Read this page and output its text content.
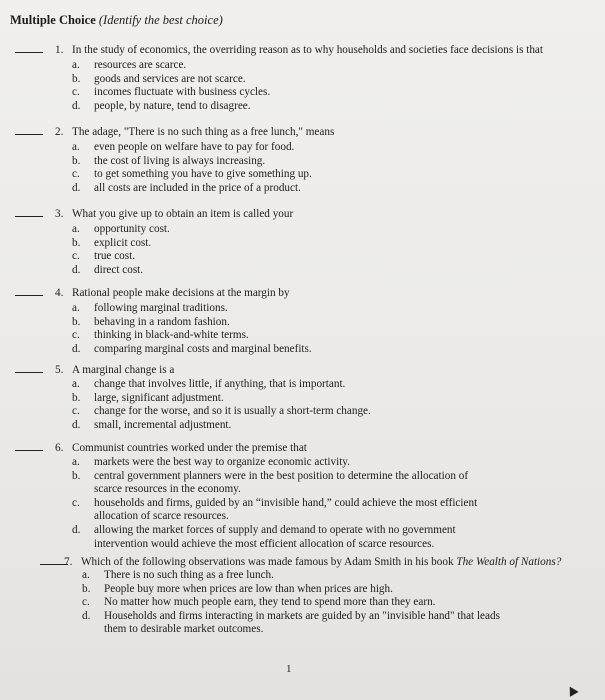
Multiple Choice (Identify the best choice)
1. In the study of economics, the overriding reason as to why households and societies face decisions is that
a. resources are scarce.
b. goods and services are not scarce.
c. incomes fluctuate with business cycles.
d. people, by nature, tend to disagree.
2. The adage, "There is no such thing as a free lunch," means
a. even people on welfare have to pay for food.
b. the cost of living is always increasing.
c. to get something you have to give something up.
d. all costs are included in the price of a product.
3. What you give up to obtain an item is called your
a. opportunity cost.
b. explicit cost.
c. true cost.
d. direct cost.
4. Rational people make decisions at the margin by
a. following marginal traditions.
b. behaving in a random fashion.
c. thinking in black-and-white terms.
d. comparing marginal costs and marginal benefits.
5. A marginal change is a
a. change that involves little, if anything, that is important.
b. large, significant adjustment.
c. change for the worse, and so it is usually a short-term change.
d. small, incremental adjustment.
6. Communist countries worked under the premise that
a. markets were the best way to organize economic activity.
b. central government planners were in the best position to determine the allocation of scarce resources in the economy.
c. households and firms, guided by an “invisible hand,” could achieve the most efficient allocation of scarce resources.
d. allowing the market forces of supply and demand to operate with no government intervention would achieve the most efficient allocation of scarce resources.
7. Which of the following observations was made famous by Adam Smith in his book The Wealth of Nations?
a. There is no such thing as a free lunch.
b. People buy more when prices are low than when prices are high.
c. No matter how much people earn, they tend to spend more than they earn.
d. Households and firms interacting in markets are guided by an "invisible hand" that leads them to desirable market outcomes.
1
